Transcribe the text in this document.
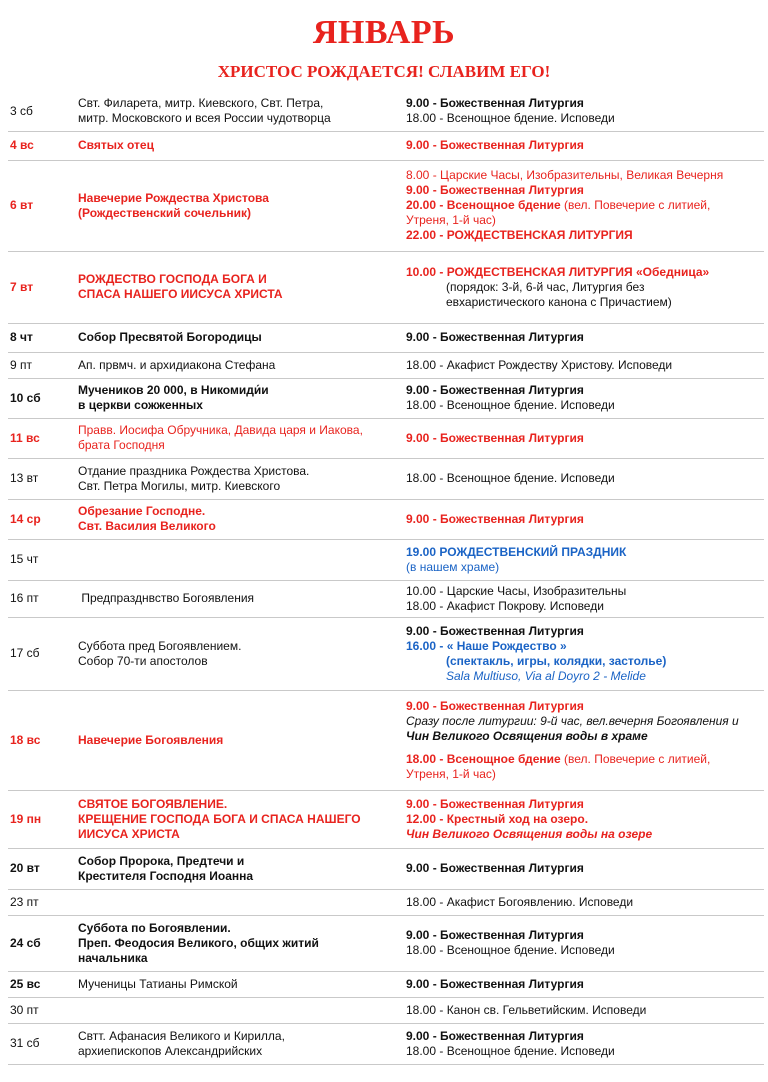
ЯНВАРЬ
ХРИСТОС РОЖДАЕТСЯ! СЛАВИМ ЕГО!
3 сб	Свт. Филарета, митр. Киевского, Свт. Петра,
митр. Московского и всея России чудотворца	9.00 - Божественная Литургия
18.00 - Всенощное бдение. Исповеди

4 вс	Святых отец	9.00 - Божественная Литургия

6 вт	Навечерие Рождества Христова
(Рождественский сочельник)	8.00 - Царские Часы, Изобразительны, Великая Вечерня
9.00 - Божественная Литургия
20.00 - Всенощное бдение (вел. Повечерие с литией,
Утреня, 1-й час)
22.00 - РОЖДЕСТВЕНСКАЯ ЛИТУРГИЯ

7 вт	РОЖДЕСТВО ГОСПОДА БОГА И
СПАСА НАШЕГО ИИСУСА ХРИСТА	10.00 - РОЖДЕСТВЕНСКАЯ ЛИТУРГИЯ «Обедница»
(порядок: 3-й, 6-й час, Литургия без
евхаристического канона с Причастием)

8 чт	Собор Пресвятой Богородицы	9.00 - Божественная Литургия

9 пт	Ап. првмч. и архидиакона Стефана	18.00 - Акафист Рождеству Христову. Исповеди

10 сб	Мучеников 20 000, в Никомиди́и
в церкви сожженных	9.00 - Божественная Литургия
18.00 - Всенощное бдение. Исповеди

11 вс	Правв. Иосифа Обручника, Давида царя и Иакова,
брата Господня	9.00 - Божественная Литургия

13 вт	Отдание праздника Рождества Христова.
Свт. Петра Могилы, митр. Киевского	18.00 - Всенощное бдение. Исповеди

14 ср	Обрезание Господне.
Свт. Василия Великого	9.00 - Божественная Литургия

15 чт		19.00 РОЖДЕСТВЕНСКИЙ ПРАЗДНИК
(в нашем храме)

16 пт	Предпразднвство Богоявления	10.00 - Царские Часы, Изобразительны
18.00 - Акафист Покрову. Исповеди

17 сб	Суббота пред Богоявлением.
Собор 70-ти апостолов	9.00 - Божественная Литургия
16.00 - « Наше Рождество »
(спектакль, игры, колядки, застолье)
Sala Multiuso, Via al Doyro 2 - Melide

18 вс	Навечерие Богоявления	9.00 - Божественная Литургия
Сразу после литургии: 9-й час, вел.вечерня Богоявления и
Чин Великого Освящения воды в храме
18.00 - Всенощное бдение (вел. Повечерие с литией,
Утреня, 1-й час)

19 пн	СВЯТОЕ БОГОЯВЛЕНИЕ.
КРЕЩЕНИЕ ГОСПОДА БОГА И СПАСА НАШЕГО
ИИСУСА ХРИСТА	9.00 - Божественная Литургия
12.00 - Крестный ход на озеро.
Чин Великого Освящения воды на озере

20 вт	Собор Пророка, Предтечи и
Крестителя Господня Иоанна	9.00 - Божественная Литургия

23 пт		18.00 - Акафист Богоявлению. Исповеди

24 сб	Суббота по Богоявлении.
Преп. Феодосия Великого, общих житий
начальника	9.00 - Божественная Литургия
18.00 - Всенощное бдение. Исповеди

25 вс	Мученицы Татианы Римской	9.00 - Божественная Литургия

30 пт		18.00 - Канон св. Гельветийским. Исповеди

31 сб	Свтт. Афанасия Великого и Кирилла,
архиепископов Александрийских	9.00 - Божественная Литургия
18.00 - Всенощное бдение. Исповеди
